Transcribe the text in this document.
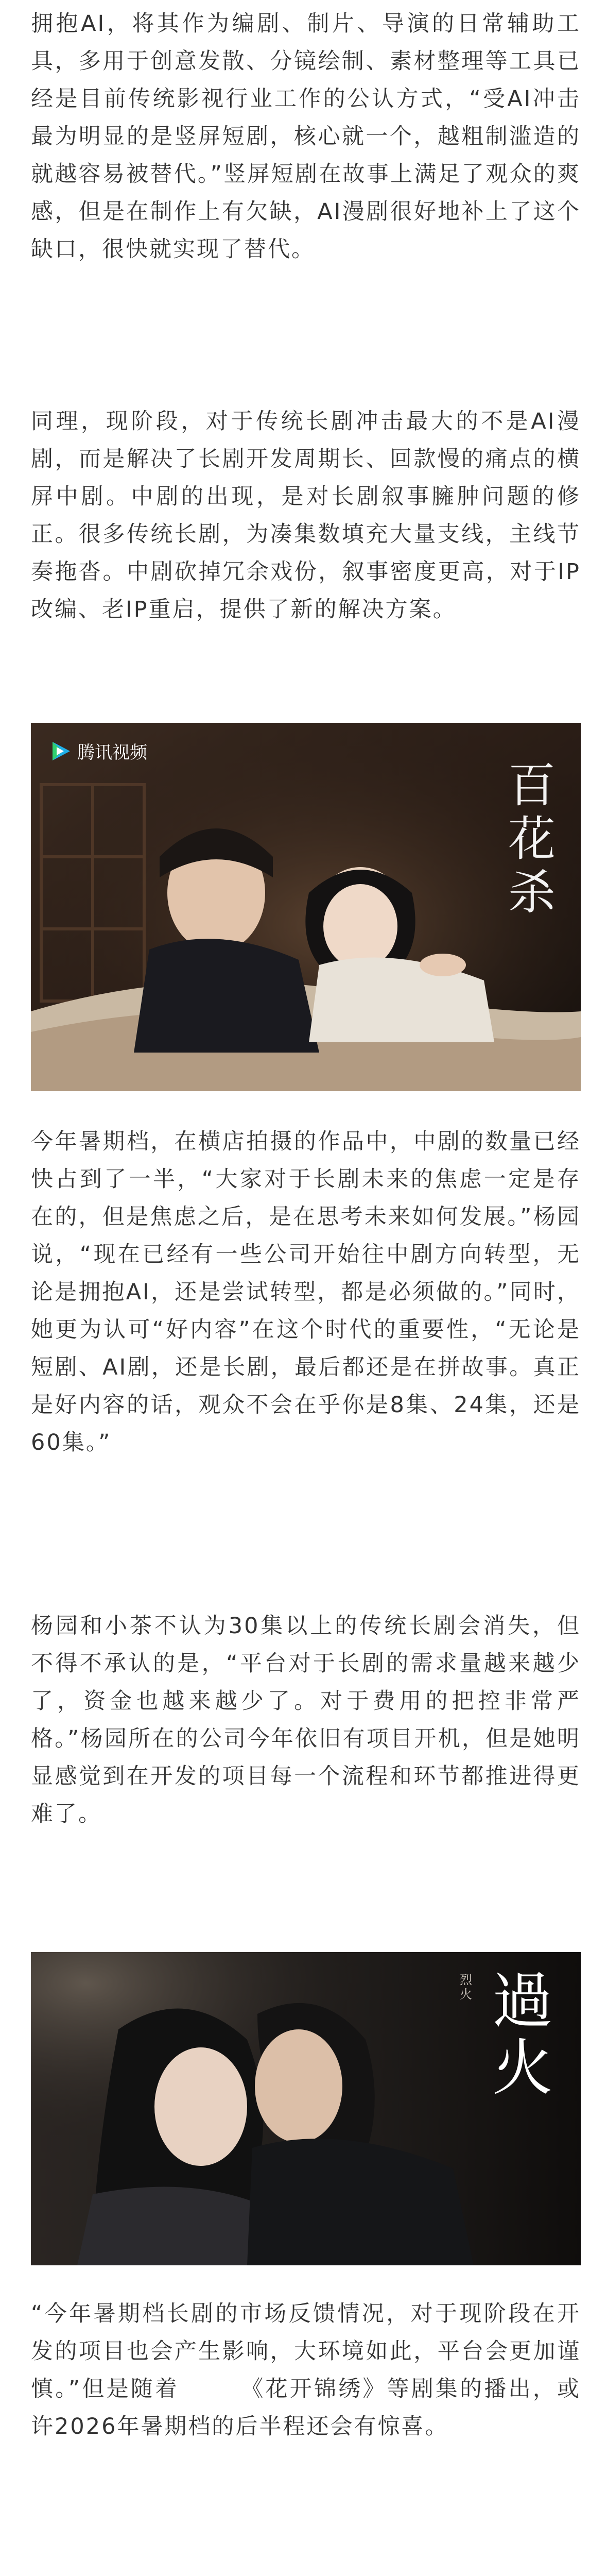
拥抱AI，将其作为编剧、制片、导演的日常辅助工具，多用于创意发散、分镜绘制、素材整理等工具已经是目前传统影视行业工作的公认方式，“受AI冲击最为明显的是竖屏短剧，核心就一个，越粗制滥造的就越容易被替代。”竖屏短剧在故事上满足了观众的爽感，但是在制作上有欠缺，AI漫剧很好地补上了这个缺口，很快就实现了替代。

同理，现阶段，对于传统长剧冲击最大的不是AI漫剧，而是解决了长剧开发周期长、回款慢的痛点的横屏中剧。中剧的出现，是对长剧叙事臃肿问题的修正。很多传统长剧，为凑集数填充大量支线，主线节奏拖沓。中剧砍掉冗余戏份，叙事密度更高，对于IP改编、老IP重启，提供了新的解决方案。

腾讯视频
百花杀

今年暑期档，在横店拍摄的作品中，中剧的数量已经快占到了一半，“大家对于长剧未来的焦虑一定是存在的，但是焦虑之后，是在思考未来如何发展。”杨园说，“现在已经有一些公司开始往中剧方向转型，无论是拥抱AI，还是尝试转型，都是必须做的。”同时，她更为认可“好内容”在这个时代的重要性，“无论是短剧、AI剧，还是长剧，最后都还是在拼故事。真正是好内容的话，观众不会在乎你是8集、24集，还是60集。”

杨园和小茶不认为30集以上的传统长剧会消失，但不得不承认的是，“平台对于长剧的需求量越来越少了，资金也越来越少了。对于费用的把控非常严格。”杨园所在的公司今年依旧有项目开机，但是她明显感觉到在开发的项目每一个流程和环节都推进得更难了。

烈火 過火

“今年暑期档长剧的市场反馈情况，对于现阶段在开发的项目也会产生影响，大环境如此，平台会更加谨慎。”但是随着　　　《花开锦绣》等剧集的播出，或许2026年暑期档的后半程还会有惊喜。
